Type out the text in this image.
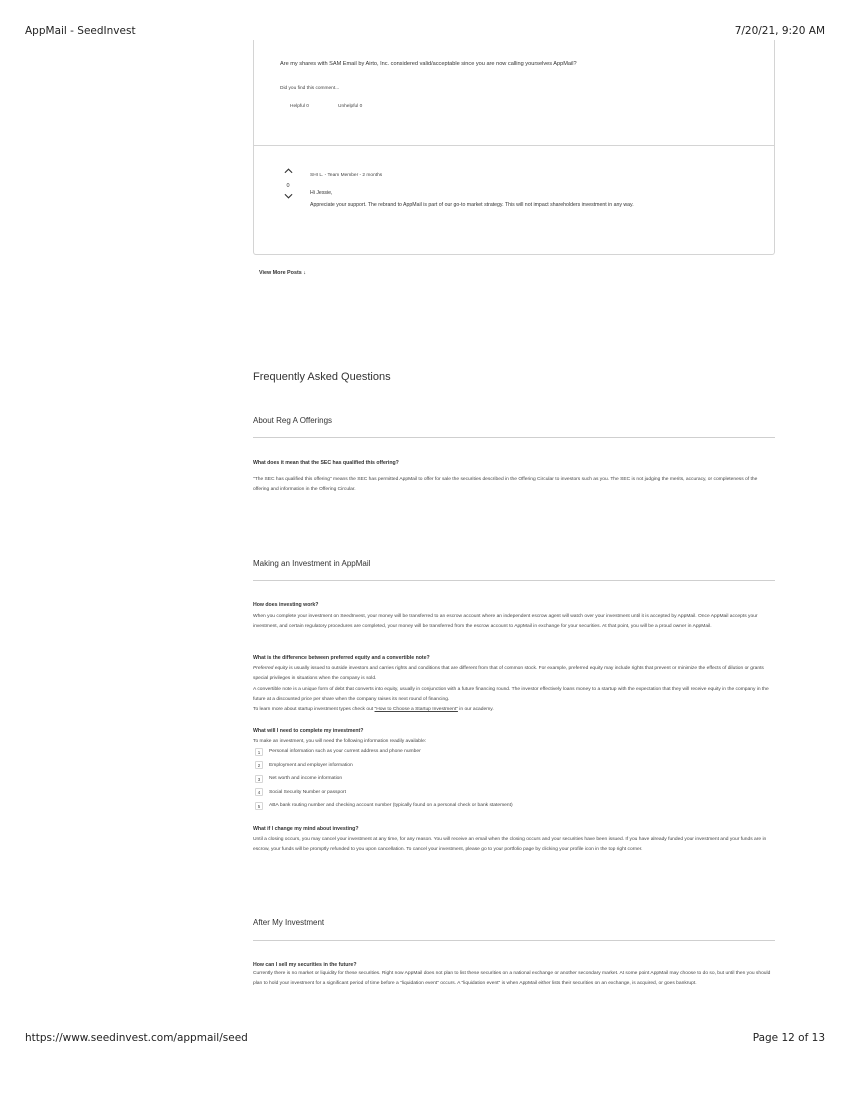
AppMail - SeedInvest	7/20/21, 9:20 AM
Are my shares with SAM Email by Airto, Inc. considered valid/acceptable since you are now calling yourselves AppMail?
Did you find this comment...
Helpful 0	Unhelpful 0
0
SHI L. - Team Member - 2 months
Hi Jessie,
Appreciate your support. The rebrand to AppMail is part of our go-to market strategy. This will not impact shareholders investment in any way.
View More Posts ↓
Frequently Asked Questions
About Reg A Offerings
What does it mean that the SEC has qualified this offering?
"The SEC has qualified this offering" means the SEC has permitted AppMail to offer for sale the securities described in the Offering Circular to investors such as you. The SEC is not judging the merits, accuracy, or completeness of the offering and information in the Offering Circular.
Making an Investment in AppMail
How does investing work?
When you complete your investment on SeedInvest, your money will be transferred to an escrow account where an independent escrow agent will watch over your investment until it is accepted by AppMail. Once AppMail accepts your investment, and certain regulatory procedures are completed, your money will be transferred from the escrow account to AppMail in exchange for your securities. At that point, you will be a proud owner in AppMail.
What is the difference between preferred equity and a convertible note?
Preferred equity is usually issued to outside investors and carries rights and conditions that are different from that of common stock. For example, preferred equity may include rights that prevent or minimize the effects of dilution or grants special privileges in situations when the company is sold.
A convertible note is a unique form of debt that converts into equity, usually in conjunction with a future financing round. The investor effectively loans money to a startup with the expectation that they will receive equity in the company in the future at a discounted price per share when the company raises its next round of financing.
To learn more about startup investment types check out "How to Choose a Startup Investment" in our academy.
What will I need to complete my investment?
To make an investment, you will need the following information readily available:
1	Personal information such as your current address and phone number
2	Employment and employer information
3	Net worth and income information
4	Social Security Number or passport
5	ABA bank routing number and checking account number (typically found on a personal check or bank statement)
What if I change my mind about investing?
Until a closing occurs, you may cancel your investment at any time, for any reason. You will receive an email when the closing occurs and your securities have been issued. If you have already funded your investment and your funds are in escrow, your funds will be promptly refunded to you upon cancellation. To cancel your investment, please go to your portfolio page by clicking your profile icon in the top right corner.
After My Investment
How can I sell my securities in the future?
Currently there is no market or liquidity for these securities. Right now AppMail does not plan to list these securities on a national exchange or another secondary market. At some point AppMail may choose to do so, but until then you should plan to hold your investment for a significant period of time before a "liquidation event" occurs. A "liquidation event" is when AppMail either lists their securities on an exchange, is acquired, or goes bankrupt.
https://www.seedinvest.com/appmail/seed	Page 12 of 13
